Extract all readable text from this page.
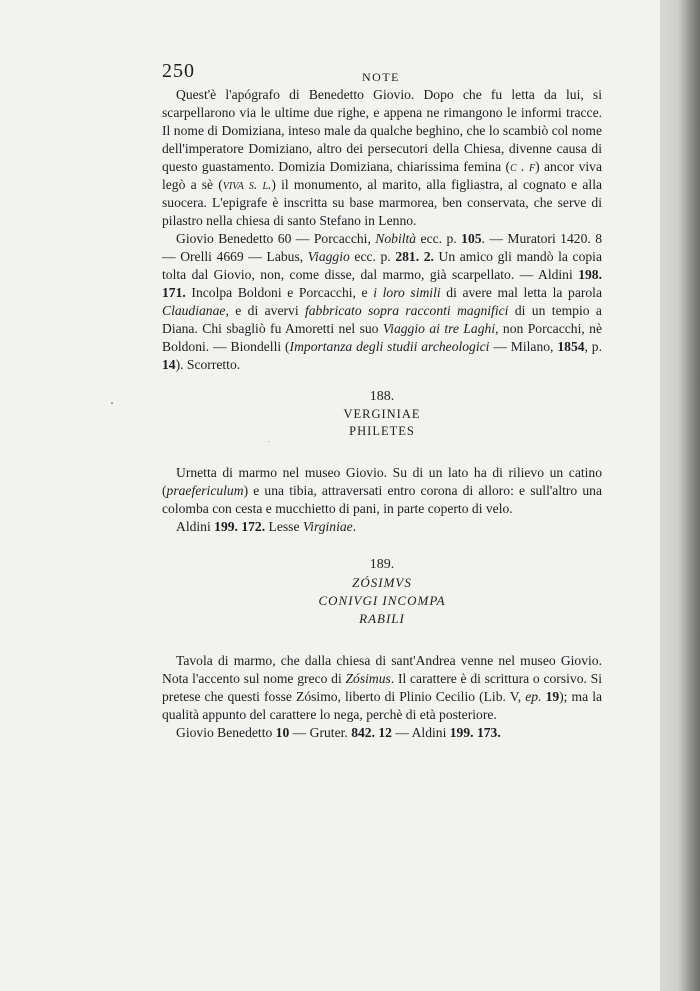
250	NOTE

Quest'è l'apógrafo di Benedetto Giovio. Dopo che fu letta da lui, si scarpellarono via le ultime due righe, e appena ne rimangono le informi tracce. Il nome di Domiziana, inteso male da qualche beghino, che lo scambiò col nome dell'imperatore Domiziano, altro dei persecutori della Chiesa, divenne causa di questo guastamento. Domizia Domiziana, chiarissima femina (c . f) ancor viva legò a sè (viva s. l.) il monumento, al marito, alla figliastra, al cognato e alla suocera. L'epigrafe è inscritta su base marmorea, ben conservata, che serve di pilastro nella chiesa di santo Stefano in Lenno.

Giovio Benedetto 60 — Porcacchi, Nobiltà ecc. p. 105. — Muratori 1420. 8 — Orelli 4669 — Labus, Viaggio ecc. p. 281. 2. Un amico gli mandò la copia tolta dal Giovio, non, come disse, dal marmo, già scarpellato. — Aldini 198. 171. Incolpa Boldoni e Porcacchi, e i loro simili di avere mal letta la parola Claudianae, e di avervi fabbricato sopra racconti magnifici di un tempio a Diana. Chi sbagliò fu Amoretti nel suo Viaggio ai tre Laghi, non Porcacchi, nè Boldoni. — Biondelli (Importanza degli studii archeologici — Milano, 1854, p. 14). Scorretto.

188.
VERGINIAE
PHILETES

Urnetta di marmo nel museo Giovio. Su di un lato ha di rilievo un catino (praefericulum) e una tibia, attraversati entro corona di alloro: e sull'altro una colomba con cesta e mucchietto di pani, in parte coperto di velo.

Aldini 199. 172. Lesse Virginiae.

189.
ZÓSIMVS
CONIVGI INCOMPA
RABILI

Tavola di marmo, che dalla chiesa di sant'Andrea venne nel museo Giovio. Nota l'accento sul nome greco di Zósimus. Il carattere è di scrittura o corsivo. Si pretese che questi fosse Zósimo, liberto di Plinio Cecilio (Lib. V, ep. 19); ma la qualità appunto del carattere lo nega, perchè di età posteriore.

Giovio Benedetto 10 — Gruter. 842. 12 — Aldini 199. 173.
